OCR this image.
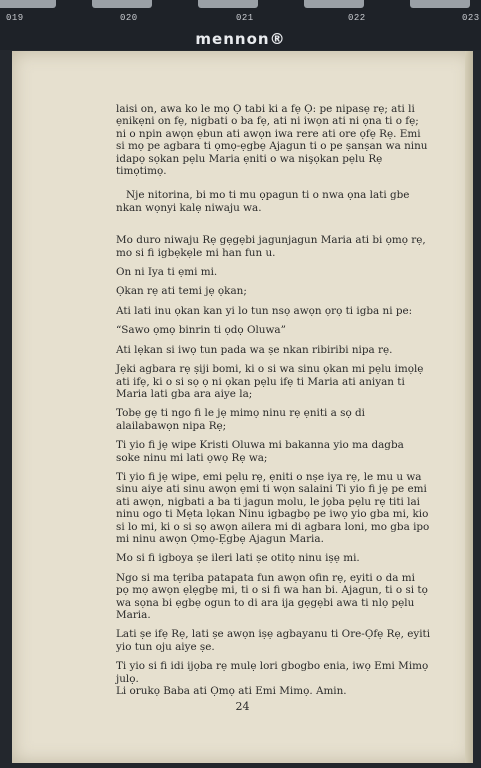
019	020	021	022	023
mennon®

laisi on, awa ko le mọ Ọ tabi ki a fẹ Ọ: pe nipasẹ rẹ; ati li ẹnikẹni on fẹ, nigbati o ba fẹ, ati ni iwọn ati ni ọna ti o fẹ; ni o npin awọn ẹbun ati awọn iwa rere ati ore ọfẹ Rẹ. Emi si mọ pe agbara ti ọmọ-ẹgbẹ Ajagun ti o pe ṣanṣan wa ninu idapọ sọkan pẹlu Maria ẹniti o wa nişọkan pẹlu Rẹ timọtimọ.

Nje nitorina, bi mo ti mu ọpagun ti o nwa ọna lati gbe nkan wọnyi kalẹ niwaju wa.

Mo duro niwaju Rẹ gẹgẹbi jagunjagun Maria ati bi ọmọ rẹ, mo si fi igbẹkẹle mi han fun u.

On ni Iya ti ẹmi mi.

Ọkan rẹ ati temi jẹ ọkan;

Ati lati inu ọkan kan yi lo tun nsọ awọn ọrọ ti igba ni pe:

“Sawo ọmọ binrin ti ọdọ Oluwa”

Ati lẹkan si iwọ tun pada wa ṣe nkan ribiribi nipa rẹ.

Jẹki agbara rẹ ṣiji bomi, ki o si wa sinu ọkan mi pẹlu imọlẹ ati ifẹ, ki o si sọ ọ ni ọkan pẹlu ifẹ ti Maria ati aniyan ti Maria lati gba ara aiye la;

Tobẹ gẹ ti ngo fi le jẹ mimọ ninu rẹ ẹniti a sọ di alailabawọn nipa Rẹ;

Ti yio fi jẹ wipe Kristi Oluwa mi bakanna yio ma dagba soke ninu mi lati ọwọ Rẹ wa;

Ti yio fi jẹ wipe, emi pẹlu rẹ, ẹniti o nṣe iya rẹ, le mu u wa sinu aiye ati sinu awọn ẹmi ti wọn salaini Ti yio fi jẹ pe emi ati awọn, nigbati a ba ti jagun molu, le jọba pẹlu rẹ titi lai ninu ogo ti Mẹta lọkan Ninu igbagbọ pe iwọ yio gba mi, kio si lo mi, ki o si sọ awọn ailera mi di agbara loni, mo gba ipo mi ninu awọn Ọmọ-Ẹgbẹ Ajagun Maria.

Mo si fi igboya ṣe ileri lati ṣe otitọ ninu iṣẹ mi.

Ngo si ma tẹriba patapata fun awọn ofin rẹ, eyiti o da mi pọ mọ awọn ẹlẹgbẹ mi, ti o si fi wa han bi. Ajagun, ti o si tọ wa sọna bi ẹgbẹ ogun to di ara ija gẹgẹbi awa ti nlọ pẹlu Maria.

Lati ṣe ifẹ Rẹ, lati ṣe awọn iṣẹ agbayanu ti Ore-Ọfẹ Rẹ, eyiti yio tun oju aiye ṣe.

Ti yio si fi idi ijọba rẹ mulẹ lori gbogbo enia, iwọ Emi Mimọ julọ.

Li orukọ Baba ati Ọmọ ati Emi Mimọ. Amin.

24
